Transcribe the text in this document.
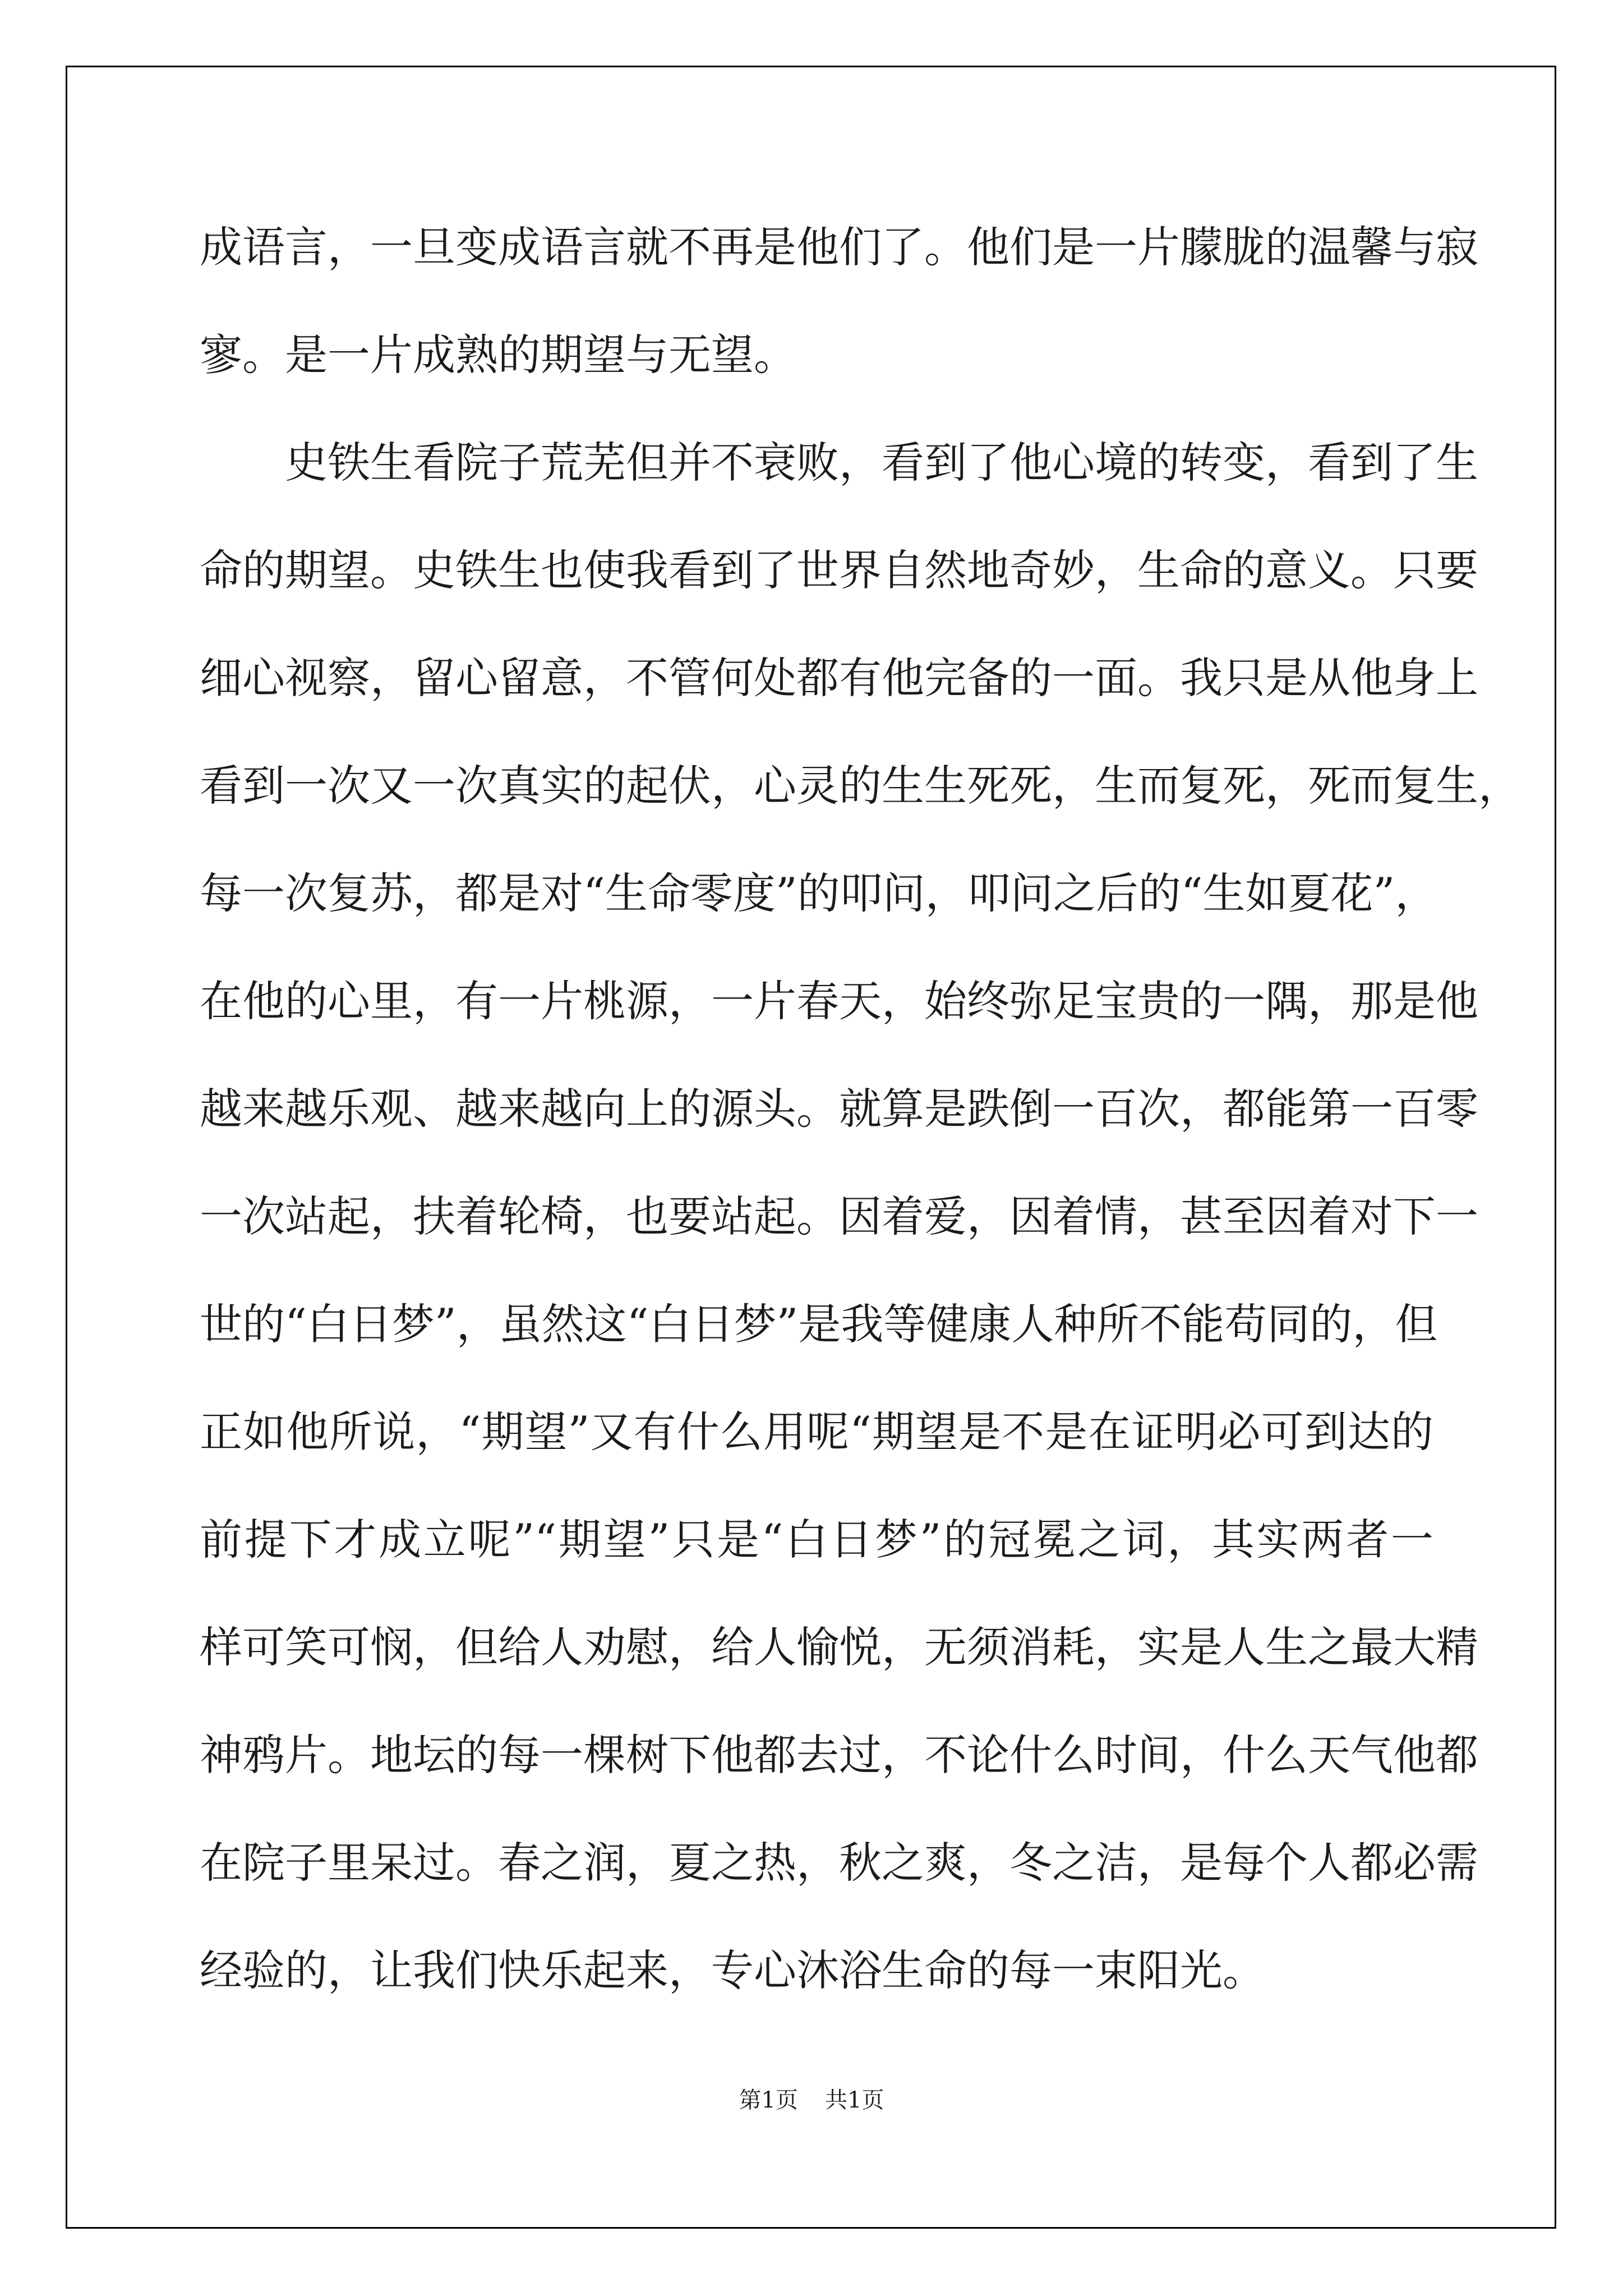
成语言，一旦变成语言就不再是他们了。他们是一片朦胧的温馨与寂
寥。是一片成熟的期望与无望。
史铁生看院子荒芜但并不衰败，看到了他心境的转变，看到了生
命的期望。史铁生也使我看到了世界自然地奇妙，生命的意义。只要
细心视察，留心留意，不管何处都有他完备的一面。我只是从他身上
看到一次又一次真实的起伏，心灵的生生死死，生而复死，死而复生，
每一次复苏，都是对“生命零度”的叩问，叩问之后的“生如夏花”，
在他的心里，有一片桃源，一片春天，始终弥足宝贵的一隅，那是他
越来越乐观、越来越向上的源头。就算是跌倒一百次，都能第一百零
一次站起，扶着轮椅，也要站起。因着爱，因着情，甚至因着对下一
世的“白日梦”，虽然这“白日梦”是我等健康人种所不能苟同的，但
正如他所说，“期望”又有什么用呢“期望是不是在证明必可到达的
前提下才成立呢”“期望”只是“白日梦”的冠冕之词，其实两者一
样可笑可悯，但给人劝慰，给人愉悦，无须消耗，实是人生之最大精
神鸦片。地坛的每一棵树下他都去过，不论什么时间，什么天气他都
在院子里呆过。春之润，夏之热，秋之爽，冬之洁，是每个人都必需
经验的，让我们快乐起来，专心沐浴生命的每一束阳光。
第1页 共1页
